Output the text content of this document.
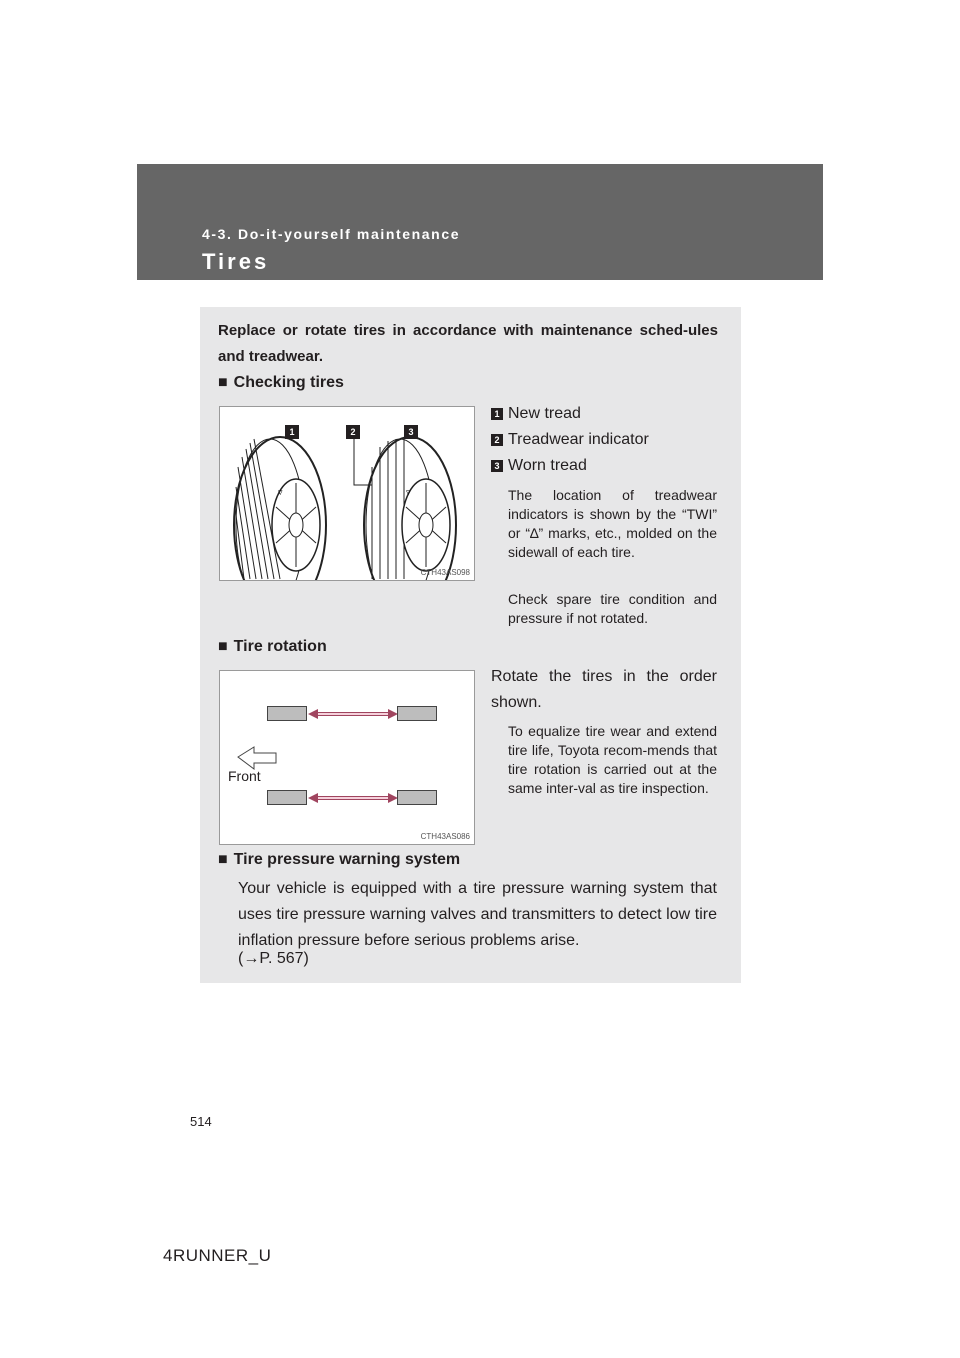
4-3. Do-it-yourself maintenance
Tires
Replace or rotate tires in accordance with maintenance sched-ules and treadwear.
■ Checking tires
▿	▿
1	2	3
CTH43AS098
1 New tread
2 Treadwear indicator
3 Worn tread
The location of treadwear indicators is shown by the “TWI” or “∆” marks, etc., molded on the sidewall of each tire.
Check spare tire condition and pressure if not rotated.
■ Tire rotation
Front
CTH43AS086
Rotate the tires in the order shown.
To equalize tire wear and extend tire life, Toyota recom-mends that tire rotation is carried out at the same inter-val as tire inspection.
■ Tire pressure warning system
Your vehicle is equipped with a tire pressure warning system that uses tire pressure warning valves and transmitters to detect low tire inflation pressure before serious problems arise.
(→P. 567)
514
4RUNNER_U
